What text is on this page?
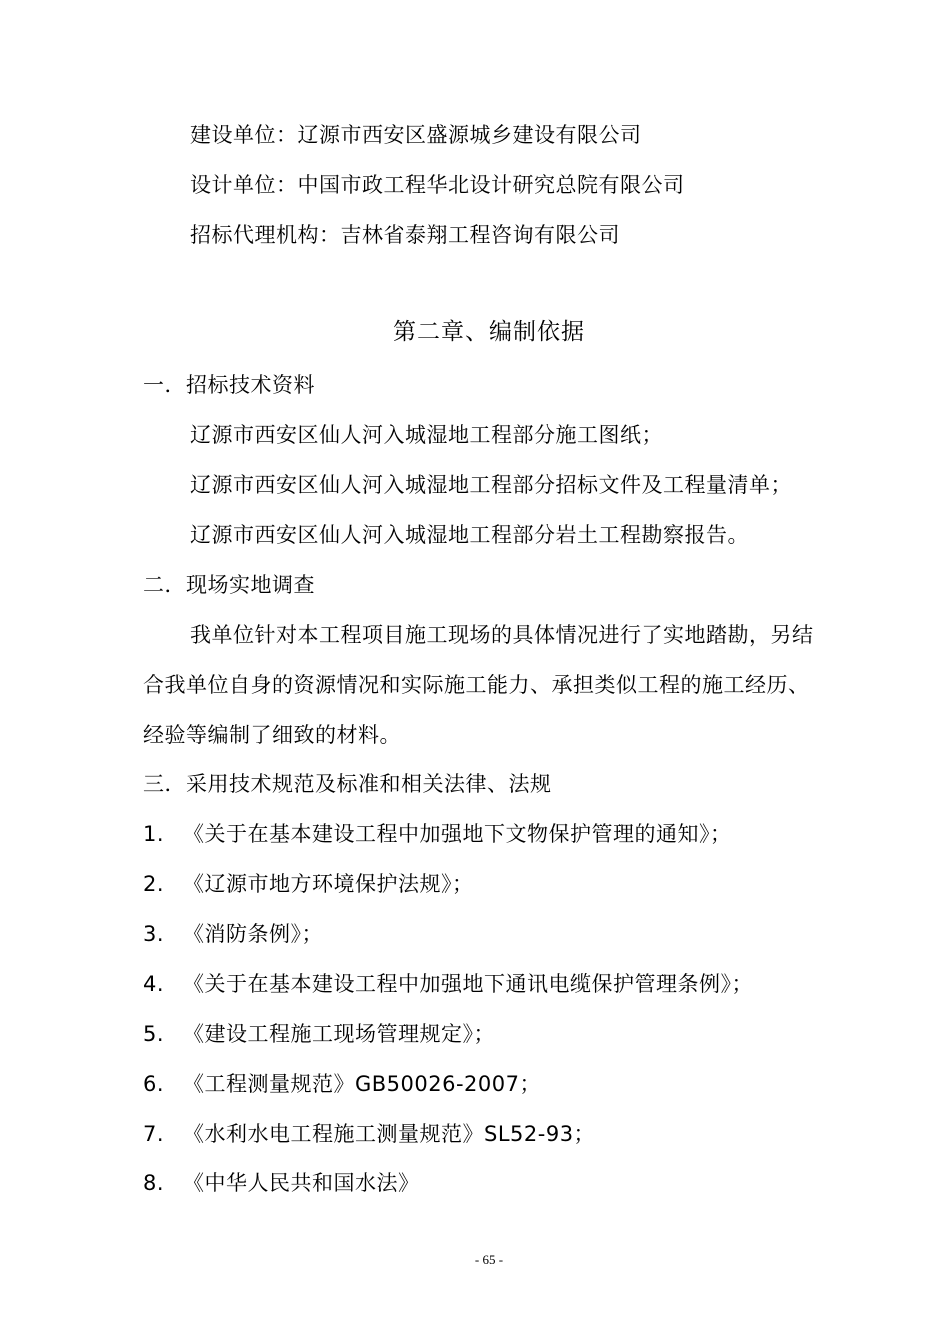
建设单位：辽源市西安区盛源城乡建设有限公司
设计单位：中国市政工程华北设计研究总院有限公司
招标代理机构：吉林省泰翔工程咨询有限公司
第二章、编制依据
一．招标技术资料
辽源市西安区仙人河入城湿地工程部分施工图纸；
辽源市西安区仙人河入城湿地工程部分招标文件及工程量清单；
辽源市西安区仙人河入城湿地工程部分岩土工程勘察报告。
二．现场实地调查
我单位针对本工程项目施工现场的具体情况进行了实地踏勘，另结
合我单位自身的资源情况和实际施工能力、承担类似工程的施工经历、
经验等编制了细致的材料。
三．采用技术规范及标准和相关法律、法规
1. 《关于在基本建设工程中加强地下文物保护管理的通知》；
2. 《辽源市地方环境保护法规》；
3. 《消防条例》；
4. 《关于在基本建设工程中加强地下通讯电缆保护管理条例》；
5. 《建设工程施工现场管理规定》；
6. 《工程测量规范》GB50026-2007；
7. 《水利水电工程施工测量规范》SL52-93；
8. 《中华人民共和国水法》
- 65 -
